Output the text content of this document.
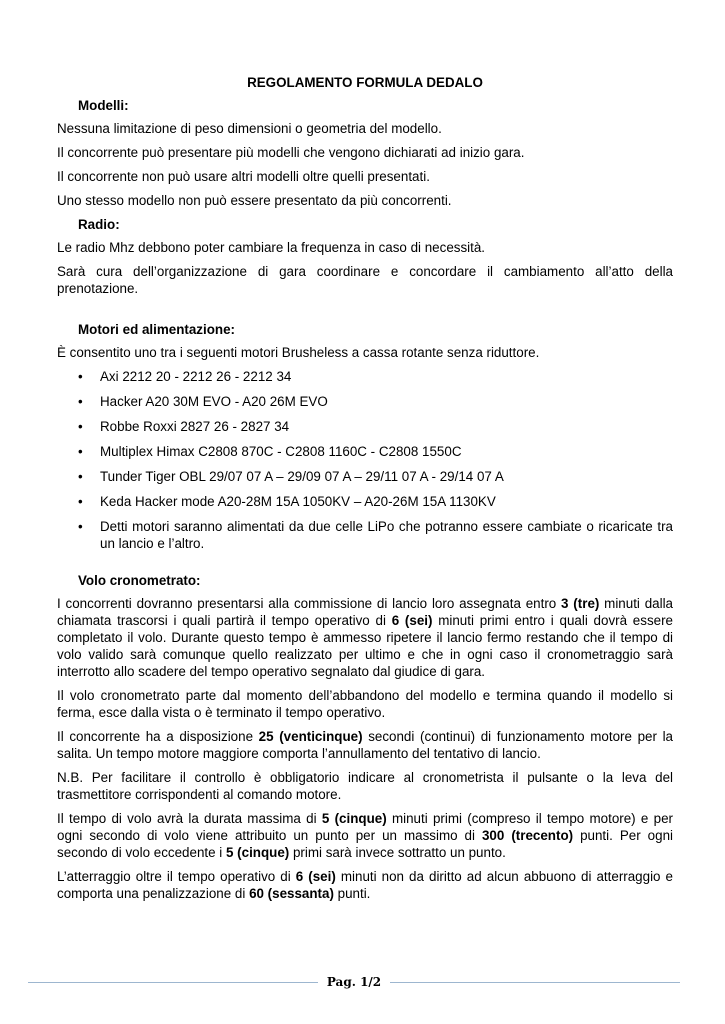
REGOLAMENTO FORMULA DEDALO
Modelli:

Nessuna limitazione di peso dimensioni o geometria del modello.

Il concorrente può presentare più modelli che vengono dichiarati ad inizio gara.

Il concorrente non può usare altri modelli oltre quelli presentati.

Uno stesso modello non può essere presentato da più concorrenti.

Radio:

Le radio Mhz debbono poter cambiare la frequenza in caso di necessità.

Sarà cura dell’organizzazione di gara coordinare e concordare il cambiamento all’atto della prenotazione.

Motori ed alimentazione:

È consentito uno tra i seguenti motori Brusheless a cassa rotante senza riduttore.

• Axi 2212 20 - 2212 26 - 2212 34
• Hacker A20 30M EVO - A20 26M EVO
• Robbe Roxxi 2827 26 - 2827 34
• Multiplex Himax C2808 870C - C2808 1160C - C2808 1550C
• Tunder Tiger OBL 29/07 07 A – 29/09 07 A – 29/11 07 A - 29/14 07 A
• Keda Hacker mode A20-28M 15A 1050KV – A20-26M 15A 1130KV
• Detti motori saranno alimentati da due celle LiPo che potranno essere cambiate o ricaricate tra un lancio e l’altro.
Volo cronometrato:

I concorrenti dovranno presentarsi alla commissione di lancio loro assegnata entro 3 (tre) minuti dalla chiamata trascorsi i quali partirà il tempo operativo di 6 (sei) minuti primi entro i quali dovrà essere completato il volo. Durante questo tempo è ammesso ripetere il lancio fermo restando che il tempo di volo valido sarà comunque quello realizzato per ultimo e che in ogni caso il cronometraggio sarà interrotto allo scadere del tempo operativo segnalato dal giudice di gara.

Il volo cronometrato parte dal momento dell’abbandono del modello e termina quando il modello si ferma, esce dalla vista o è terminato il tempo operativo.

Il concorrente ha a disposizione 25 (venticinque) secondi (continui) di funzionamento motore per la salita. Un tempo motore maggiore comporta l’annullamento del tentativo di lancio.

N.B. Per facilitare il controllo è obbligatorio indicare al cronometrista il pulsante o la leva del trasmettitore corrispondenti al comando motore.

Il tempo di volo avrà la durata massima di 5 (cinque) minuti primi (compreso il tempo motore) e per ogni secondo di volo viene attribuito un punto per un massimo di 300 (trecento) punti. Per ogni secondo di volo eccedente i 5 (cinque) primi sarà invece sottratto un punto.

L’atterraggio oltre il tempo operativo di 6 (sei) minuti non da diritto ad alcun abbuono di atterraggio e comporta una penalizzazione di 60 (sessanta) punti.

Pag. 1/2
